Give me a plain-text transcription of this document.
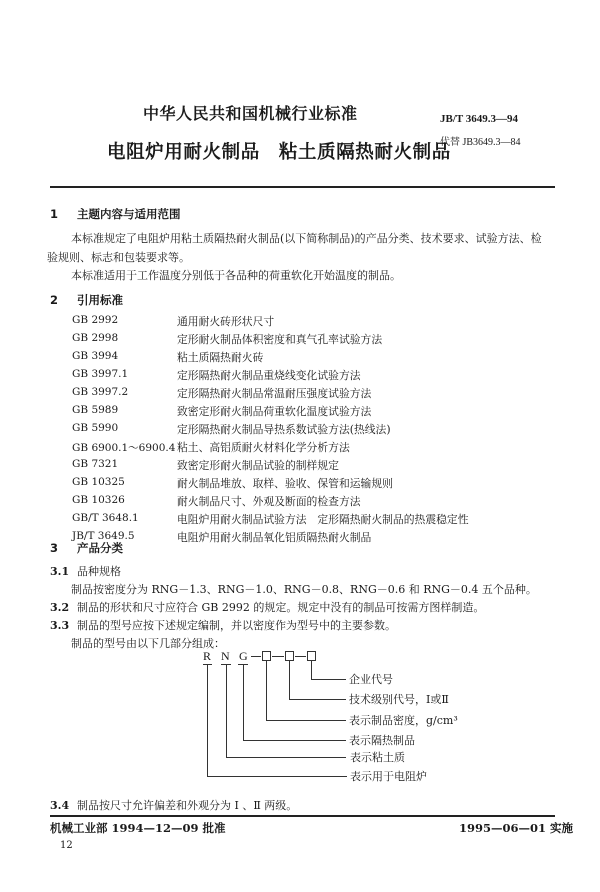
中华人民共和国机械行业标准
电阻炉用耐火制品　粘土质隔热耐火制品
JB/T 3649.3—94
代替 JB3649.3—84
1 主题内容与适用范围
本标准规定了电阻炉用粘土质隔热耐火制品(以下简称制品)的产品分类、技术要求、试验方法、检
验规则、标志和包装要求等。
本标准适用于工作温度分别低于各品种的荷重软化开始温度的制品。
2 引用标准
GB 2992	通用耐火砖形状尺寸
GB 2998	定形耐火制品体积密度和真气孔率试验方法
GB 3994	粘土质隔热耐火砖
GB 3997.1	定形隔热耐火制品重烧线变化试验方法
GB 3997.2	定形隔热耐火制品常温耐压强度试验方法
GB 5989	致密定形耐火制品荷重软化温度试验方法
GB 5990	定形隔热耐火制品导热系数试验方法(热线法)
GB 6900.1～6900.4 粘土、高铝质耐火材料化学分析方法
GB 7321	致密定形耐火制品试验的制样规定
GB 10325	耐火制品堆放、取样、验收、保管和运输规则
GB 10326	耐火制品尺寸、外观及断面的检查方法
GB/T 3648.1	电阻炉用耐火制品试验方法　定形隔热耐火制品的热震稳定性
JB/T 3649.5	电阻炉用耐火制品氧化铝质隔热耐火制品
3 产品分类
3.1 品种规格
制品按密度分为 RNG－1.3、RNG－1.0、RNG－0.8、RNG－0.6 和 RNG－0.4 五个品种。
3.2 制品的形状和尺寸应符合 GB 2992 的规定。规定中没有的制品可按需方图样制造。
3.3 制品的型号应按下述规定编制，并以密度作为型号中的主要参数。
制品的型号由以下几部分组成：
R N G
企业代号
技术级别代号，Ⅰ或Ⅱ
表示制品密度，g/cm³
表示隔热制品
表示粘土质
表示用于电阻炉
3.4 制品按尺寸允许偏差和外观分为 Ⅰ 、Ⅱ 两级。
机械工业部 1994—12—09 批准	1995—06—01 实施
12
